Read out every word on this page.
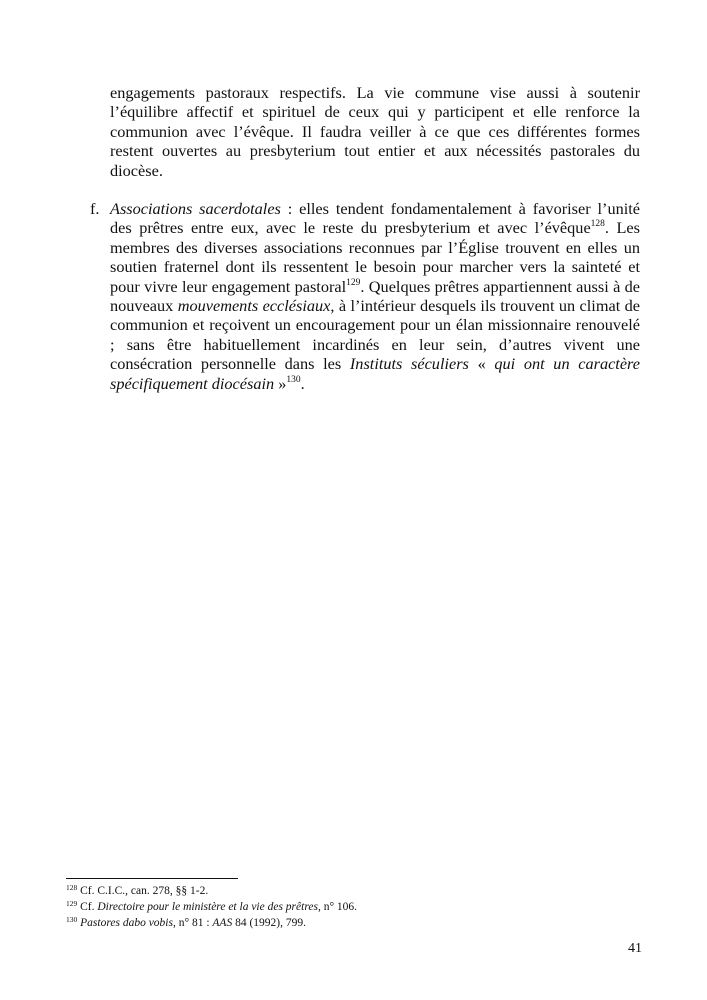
engagements pastoraux respectifs. La vie commune vise aussi à soutenir l’équilibre affectif et spirituel de ceux qui y participent et elle renforce la communion avec l’évêque. Il faudra veiller à ce que ces différentes formes restent ouvertes au presbyterium tout entier et aux nécessités pastorales du diocèse.

f. Associations sacerdotales : elles tendent fondamentalement à favoriser l’unité des prêtres entre eux, avec le reste du presbyterium et avec l’évêque$^{128}$. Les membres des diverses associations reconnues par l’Église trouvent en elles un soutien fraternel dont ils ressentent le besoin pour marcher vers la sainteté et pour vivre leur engagement pastoral$^{129}$. Quelques prêtres appartiennent aussi à de nouveaux mouvements ecclésiaux, à l’intérieur desquels ils trouvent un climat de communion et reçoivent un encouragement pour un élan missionnaire renouvelé ; sans être habituellement incardinés en leur sein, d’autres vivent une consécration personnelle dans les Instituts séculiers « qui ont un caractère spécifiquement diocésain »$^{130}$.

$^{128}$ Cf. C.I.C., can. 278, §§ 1-2.
$^{129}$ Cf. Directoire pour le ministère et la vie des prêtres, n° 106.
$^{130}$ Pastores dabo vobis, n° 81 : AAS 84 (1992), 799.
41
